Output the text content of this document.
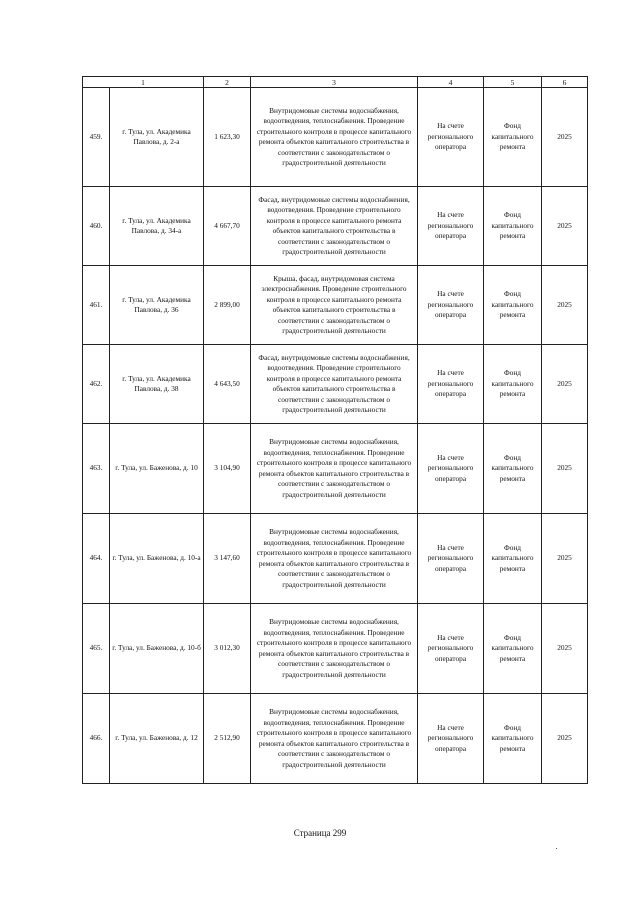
1		2	3	4	5	6
459.	г. Тула, ул. Академика Павлова, д. 2-а	1 623,30	Внутридомовые системы водоснабжения, водоотведения, теплоснабжения. Проведение строительного контроля в процессе капитального ремонта объектов капитального строительства в соответствии с законодательством о градостроительной деятельности	На счете регионального оператора	Фонд капитального ремонта	2025
460.	г. Тула, ул. Академика Павлова, д. 34-а	4 667,70	Фасад, внутридомовые системы водоснабжения, водоотведения. Проведение строительного контроля в процессе капитального ремонта объектов капитального строительства в соответствии с законодательством о градостроительной деятельности	На счете регионального оператора	Фонд капитального ремонта	2025
461.	г. Тула, ул. Академика Павлова, д. 36	2 899,00	Крыша, фасад, внутридомовая система электроснабжения. Проведение строительного контроля в процессе капитального ремонта объектов капитального строительства в соответствии с законодательством о градостроительной деятельности	На счете регионального оператора	Фонд капитального ремонта	2025
462.	г. Тула, ул. Академика Павлова, д. 38	4 643,50	Фасад, внутридомовые системы водоснабжения, водоотведения. Проведение строительного контроля в процессе капитального ремонта объектов капитального строительства в соответствии с законодательством о градостроительной деятельности	На счете регионального оператора	Фонд капитального ремонта	2025
463.	г. Тула, ул. Баженова, д. 10	3 104,90	Внутридомовые системы водоснабжения, водоотведения, теплоснабжения. Проведение строительного контроля в процессе капитального ремонта объектов капитального строительства в соответствии с законодательством о градостроительной деятельности	На счете регионального оператора	Фонд капитального ремонта	2025
464.	г. Тула, ул. Баженова, д. 10-а	3 147,60	Внутридомовые системы водоснабжения, водоотведения, теплоснабжения. Проведение строительного контроля в процессе капитального ремонта объектов капитального строительства в соответствии с законодательством о градостроительной деятельности	На счете регионального оператора	Фонд капитального ремонта	2025
465.	г. Тула, ул. Баженова, д. 10-б	3 012,30	Внутридомовые системы водоснабжения, водоотведения, теплоснабжения. Проведение строительного контроля в процессе капитального ремонта объектов капитального строительства в соответствии с законодательством о градостроительной деятельности	На счете регионального оператора	Фонд капитального ремонта	2025
466.	г. Тула, ул. Баженова, д. 12	2 512,90	Внутридомовые системы водоснабжения, водоотведения, теплоснабжения. Проведение строительного контроля в процессе капитального ремонта объектов капитального строительства в соответствии с законодательством о градостроительной деятельности	На счете регионального оператора	Фонд капитального ремонта	2025
Страница 299
